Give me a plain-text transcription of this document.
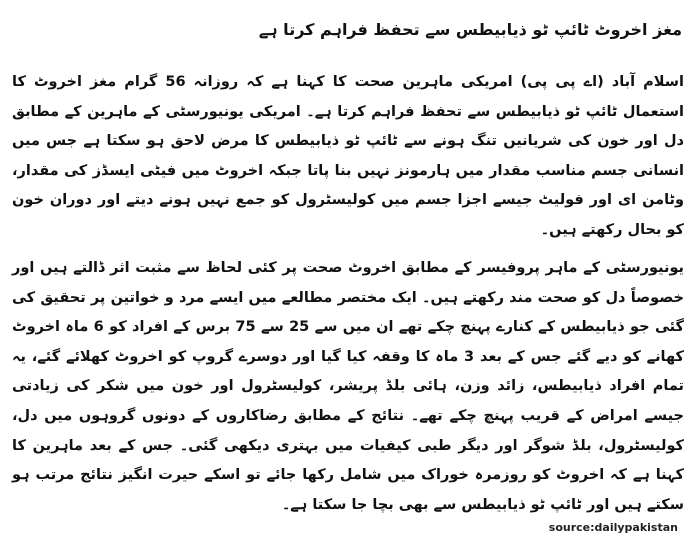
مغز اخروٹ ٹائپ ٹو ذیابیطس سے تحفظ فراہم کرتا ہے

اسلام آباد (اے پی پی) امریکی ماہرین صحت کا کہنا ہے کہ روزانہ 56 گرام مغز اخروٹ کا استعمال ٹائپ ٹو ذیابیطس سے تحفظ فراہم کرتا ہے۔ امریکی یونیورسٹی کے ماہرین کے مطابق دل اور خون کی شریانیں تنگ ہونے سے ٹائپ ٹو ذیابیطس کا مرض لاحق ہو سکتا ہے جس میں انسانی جسم مناسب مقدار میں ہارمونز نہیں بنا پاتا جبکہ اخروٹ میں فیٹی ایسڈز کی مقدار، وٹامن ای اور فولیٹ جیسے اجزا جسم میں کولیسٹرول کو جمع نہیں ہونے دیتے اور دوران خون کو بحال رکھتے ہیں۔

یونیورسٹی کے ماہر پروفیسر کے مطابق اخروٹ صحت پر کئی لحاظ سے مثبت اثر ڈالتے ہیں اور خصوصاً دل کو صحت مند رکھتے ہیں۔ ایک مختصر مطالعے میں ایسے مرد و خواتین پر تحقیق کی گئی جو ذیابیطس کے کنارے پہنچ چکے تھے ان میں سے 25 سے 75 برس کے افراد کو 6 ماہ اخروٹ کھانے کو دیے گئے جس کے بعد 3 ماہ کا وقفہ کیا گیا اور دوسرے گروپ کو اخروٹ کھلائے گئے، یہ تمام افراد ذیابیطس، زائد وزن، ہائی بلڈ پریشر، کولیسٹرول اور خون میں شکر کی زیادتی جیسے امراض کے قریب پہنچ چکے تھے۔ نتائج کے مطابق رضاکاروں کے دونوں گروہوں میں دل، کولیسٹرول، بلڈ شوگر اور دیگر طبی کیفیات میں بہتری دیکھی گئی۔ جس کے بعد ماہرین کا کہنا ہے کہ اخروٹ کو روزمرہ خوراک میں شامل رکھا جائے تو اسکے حیرت انگیز نتائج مرتب ہو سکتے ہیں اور ٹائپ ٹو ذیابیطس سے بھی بچا جا سکتا ہے۔

source:dailypakistan
